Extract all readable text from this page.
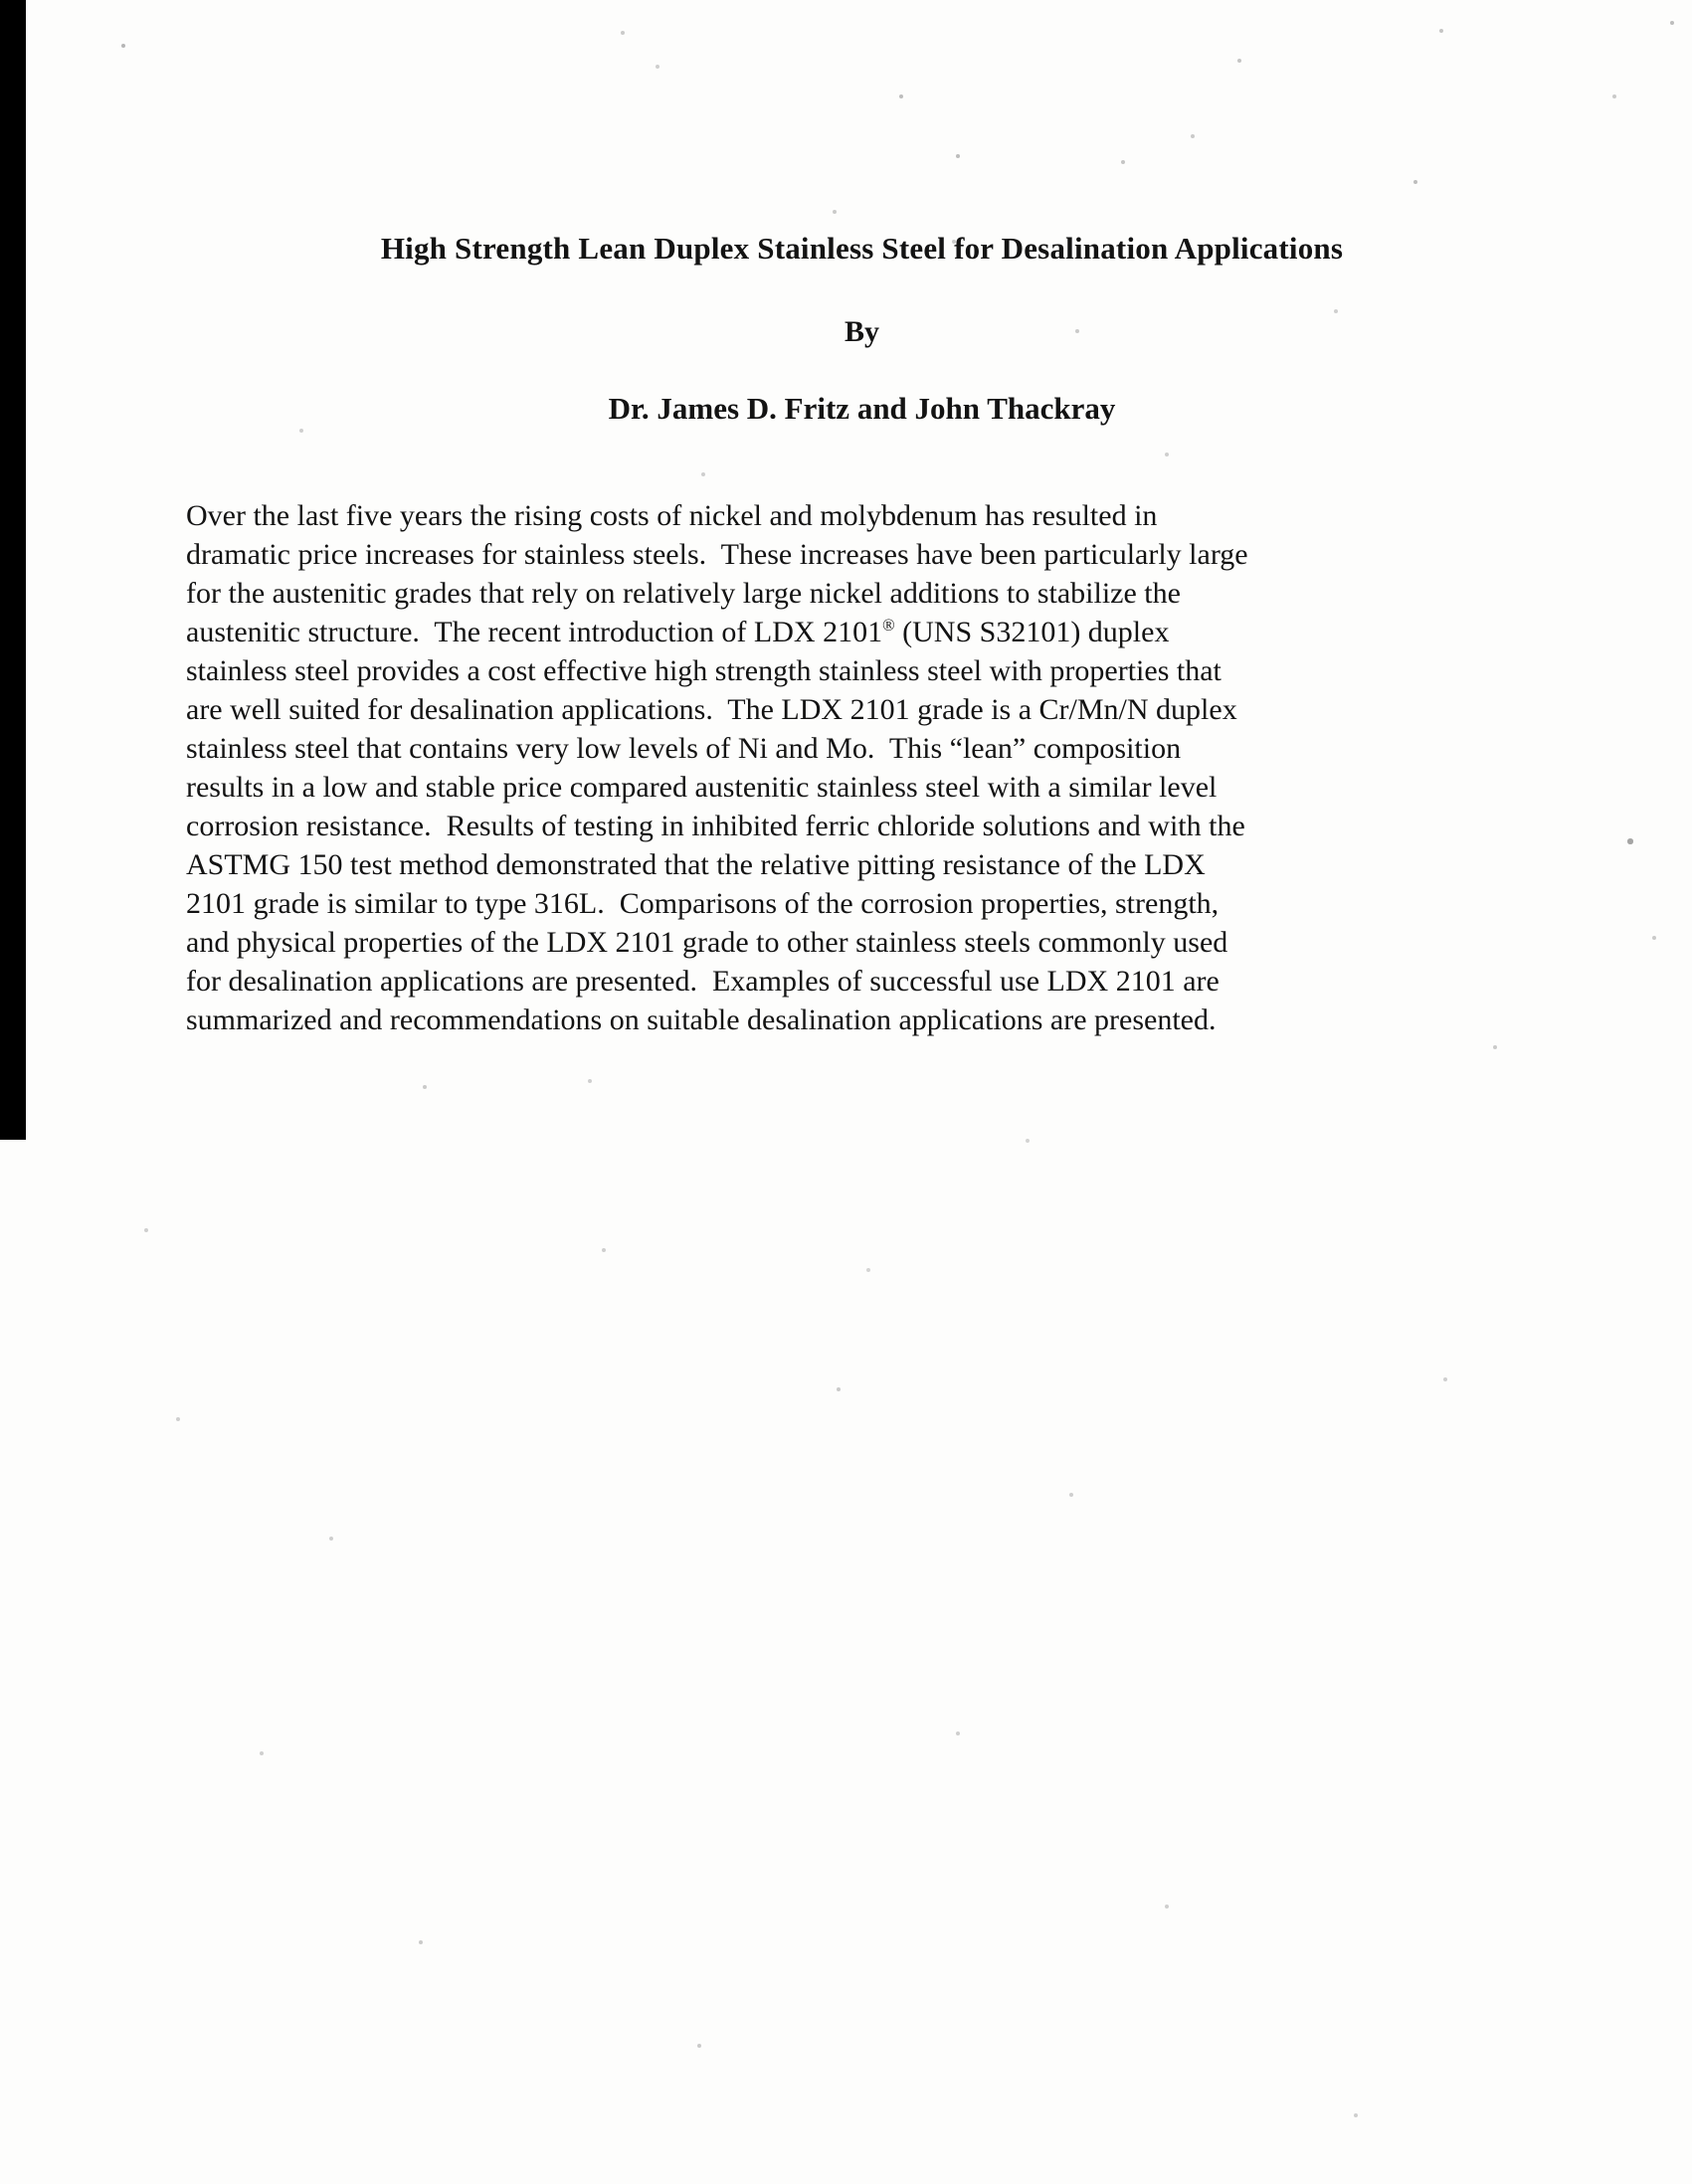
High Strength Lean Duplex Stainless Steel for Desalination Applications
By
Dr. James D. Fritz and John Thackray
Over the last five years the rising costs of nickel and molybdenum has resulted in
dramatic price increases for stainless steels.  These increases have been particularly large
for the austenitic grades that rely on relatively large nickel additions to stabilize the
austenitic structure.  The recent introduction of LDX 2101® (UNS S32101) duplex
stainless steel provides a cost effective high strength stainless steel with properties that
are well suited for desalination applications.  The LDX 2101 grade is a Cr/Mn/N duplex
stainless steel that contains very low levels of Ni and Mo.  This “lean” composition
results in a low and stable price compared austenitic stainless steel with a similar level
corrosion resistance.  Results of testing in inhibited ferric chloride solutions and with the
ASTMG 150 test method demonstrated that the relative pitting resistance of the LDX
2101 grade is similar to type 316L.  Comparisons of the corrosion properties, strength,
and physical properties of the LDX 2101 grade to other stainless steels commonly used
for desalination applications are presented.  Examples of successful use LDX 2101 are
summarized and recommendations on suitable desalination applications are presented.
